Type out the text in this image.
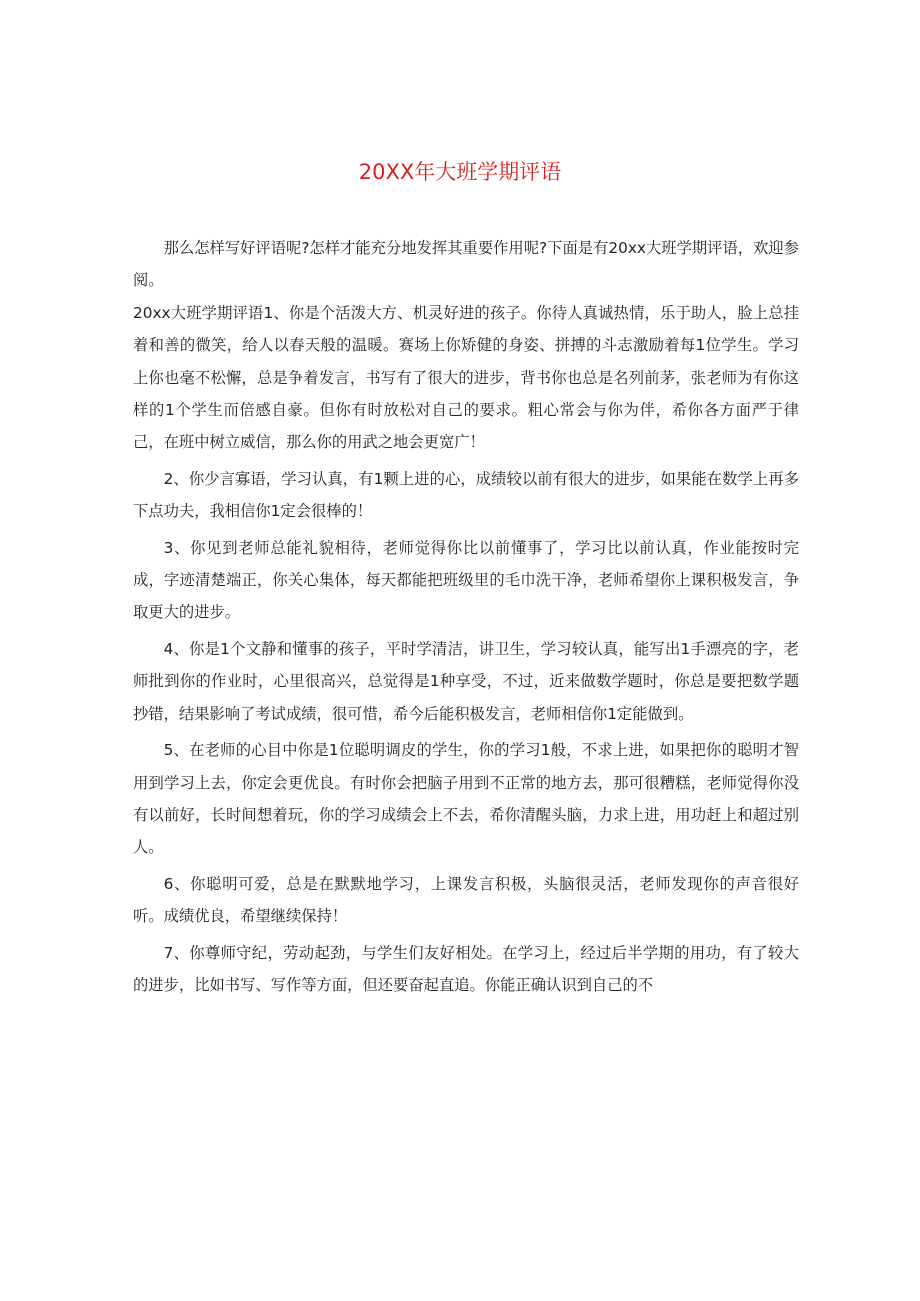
20XX年大班学期评语

那么怎样写好评语呢?怎样才能充分地发挥其重要作用呢?下面是有20xx大班学期评语，欢迎参阅。

20xx大班学期评语1、你是个活泼大方、机灵好进的孩子。你待人真诚热情，乐于助人，脸上总挂着和善的微笑，给人以春天般的温暖。赛场上你矫健的身姿、拼搏的斗志激励着每1位学生。学习上你也毫不松懈，总是争着发言，书写有了很大的进步，背书你也总是名列前茅，张老师为有你这样的1个学生而倍感自豪。但你有时放松对自己的要求。粗心常会与你为伴，希你各方面严于律己，在班中树立威信，那么你的用武之地会更宽广！

2、你少言寡语，学习认真，有1颗上进的心，成绩较以前有很大的进步，如果能在数学上再多下点功夫，我相信你1定会很棒的！

3、你见到老师总能礼貌相待，老师觉得你比以前懂事了，学习比以前认真，作业能按时完成，字迹清楚端正，你关心集体，每天都能把班级里的毛巾洗干净，老师希望你上课积极发言，争取更大的进步。

4、你是1个文静和懂事的孩子，平时学清洁，讲卫生，学习较认真，能写出1手漂亮的字，老师批到你的作业时，心里很高兴，总觉得是1种享受，不过，近来做数学题时，你总是要把数学题抄错，结果影响了考试成绩，很可惜，希今后能积极发言，老师相信你1定能做到。

5、在老师的心目中你是1位聪明调皮的学生，你的学习1般，不求上进，如果把你的聪明才智用到学习上去，你定会更优良。有时你会把脑子用到不正常的地方去，那可很糟糕，老师觉得你没有以前好，长时间想着玩，你的学习成绩会上不去，希你清醒头脑，力求上进，用功赶上和超过别人。

6、你聪明可爱，总是在默默地学习，上课发言积极，头脑很灵活，老师发现你的声音很好听。成绩优良，希望继续保持！

7、你尊师守纪，劳动起劲，与学生们友好相处。在学习上，经过后半学期的用功，有了较大的进步，比如书写、写作等方面，但还要奋起直追。你能正确认识到自己的不
